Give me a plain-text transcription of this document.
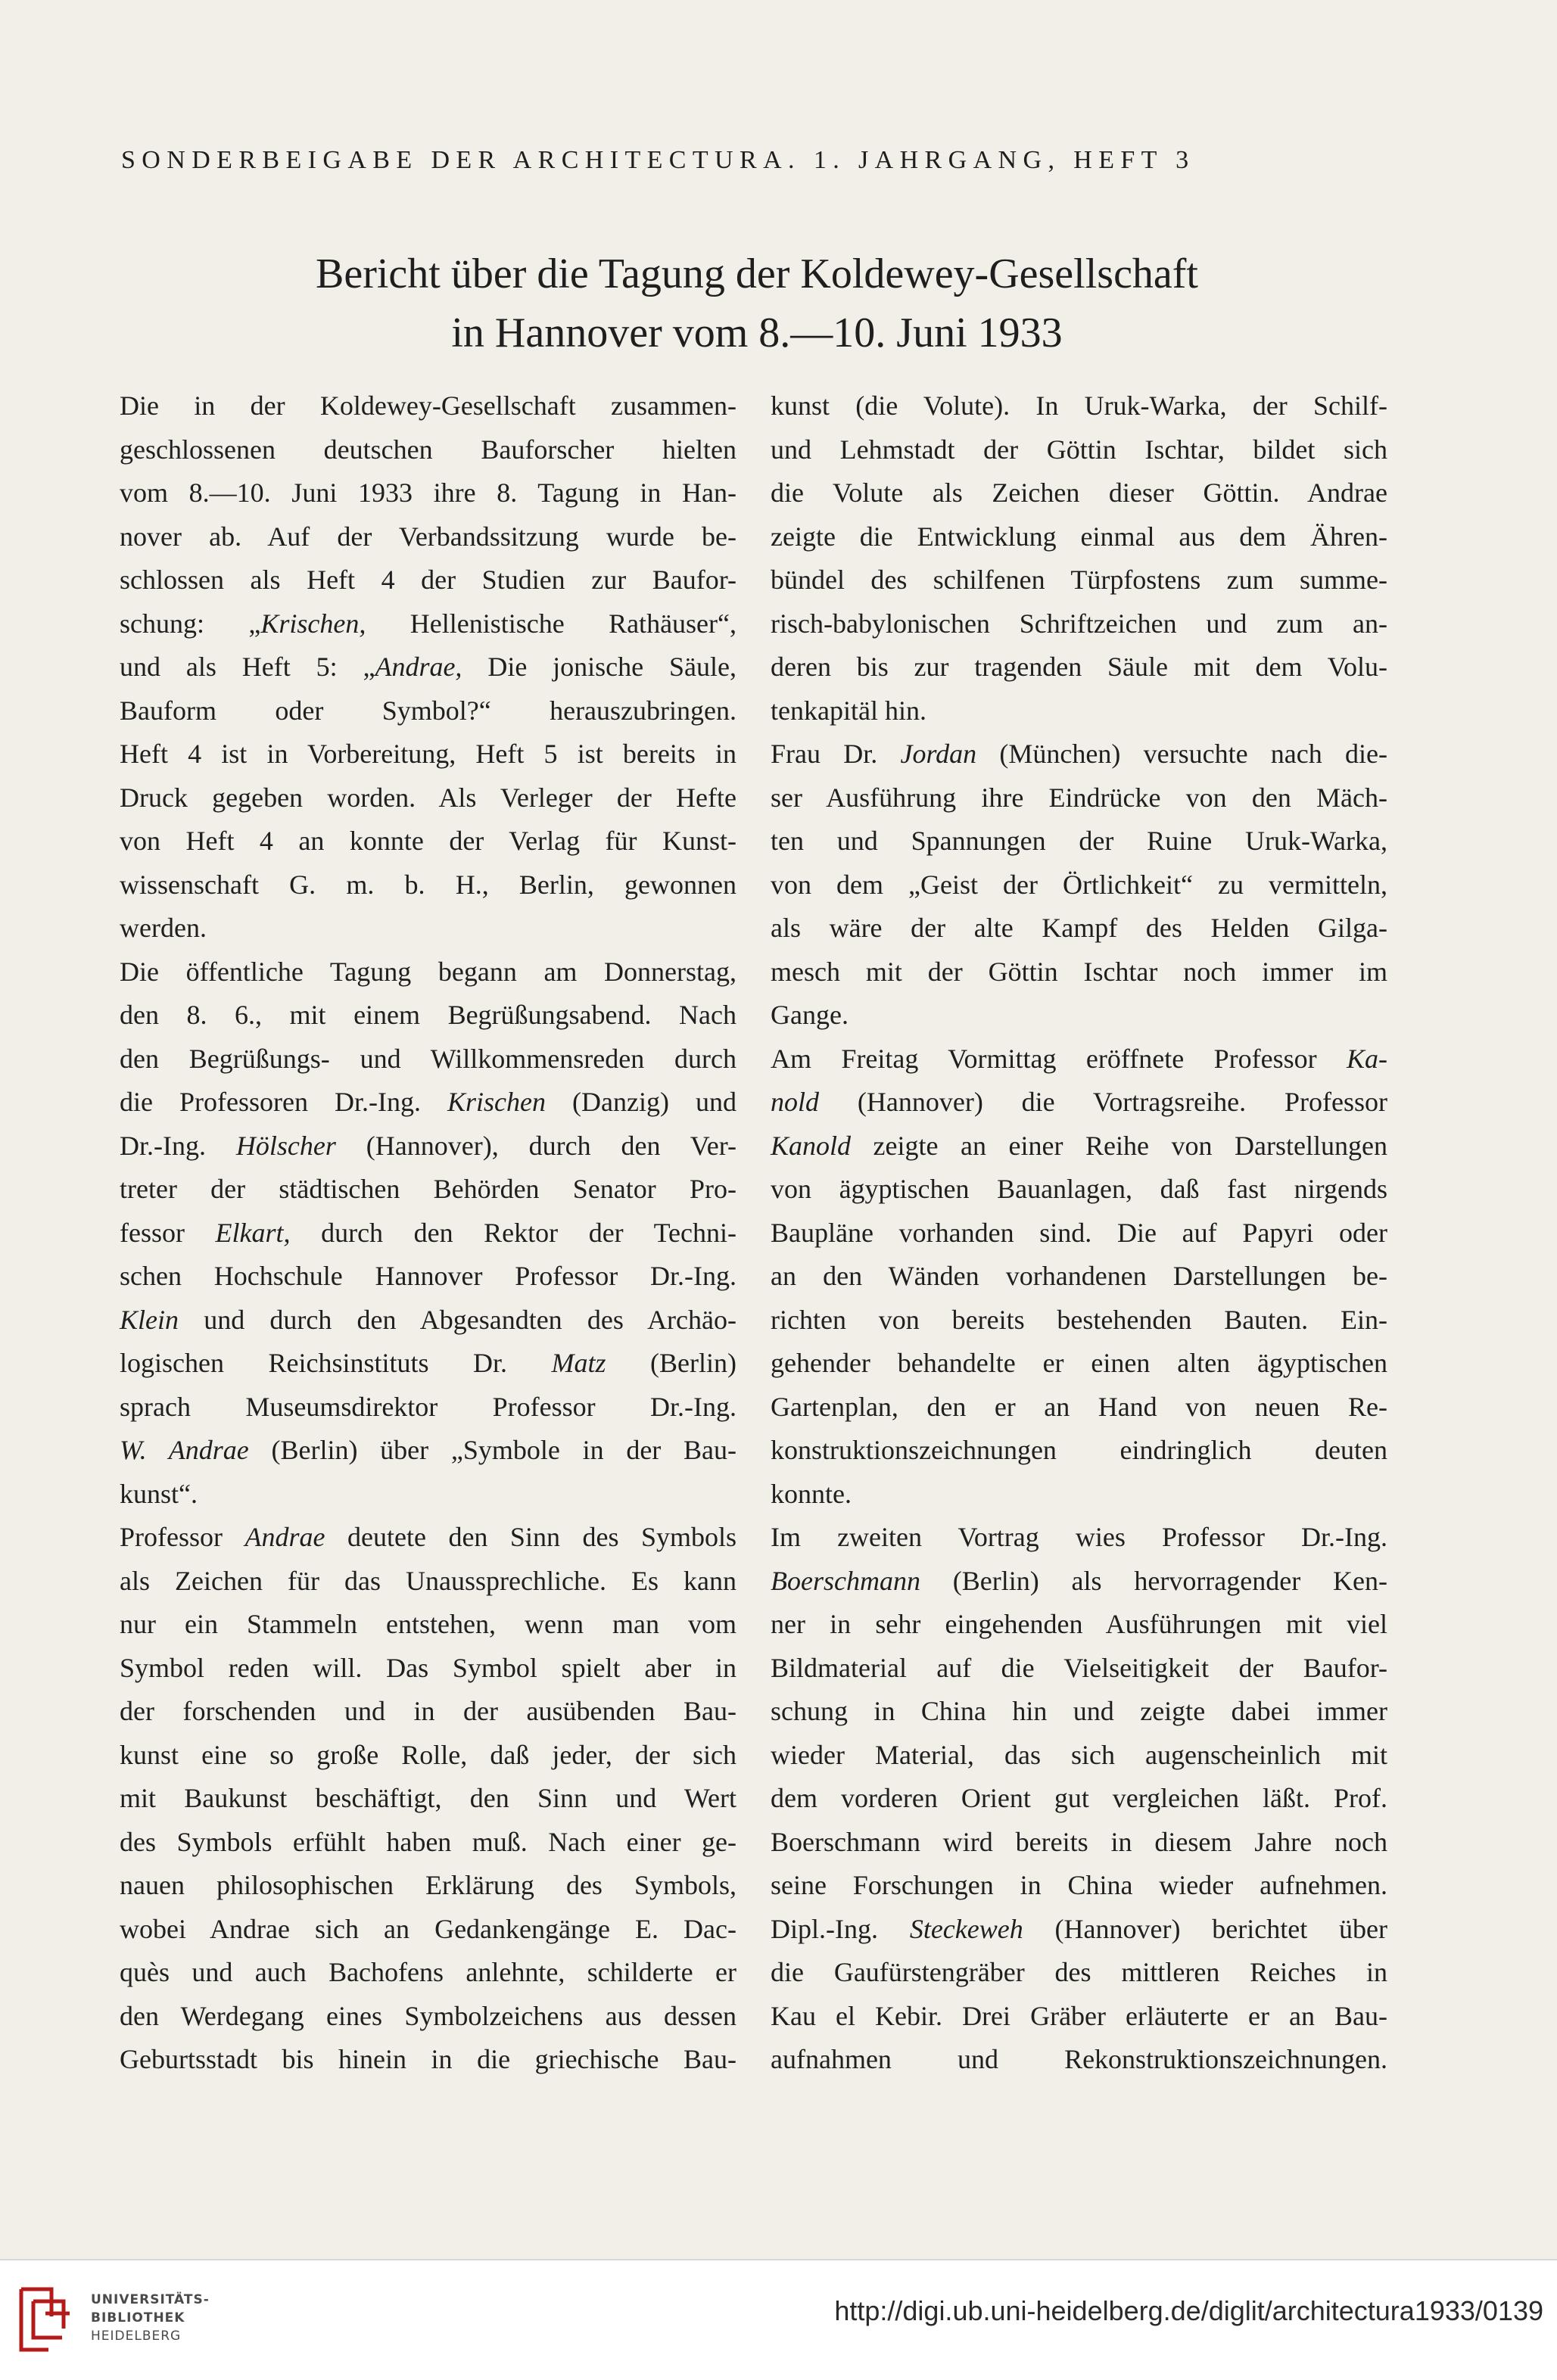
SONDERBEIGABE DER ARCHITECTURA. 1. JAHRGANG, HEFT 3
Bericht über die Tagung der Koldewey-Gesellschaft
in Hannover vom 8.—10. Juni 1933

Die in der Koldewey-Gesellschaft zusammen-
geschlossenen deutschen Bauforscher hielten
vom 8.—10. Juni 1933 ihre 8. Tagung in Han-
nover ab. Auf der Verbandssitzung wurde be-
schlossen als Heft 4 der Studien zur Baufor-
schung: „Krischen, Hellenistische Rathäuser“,
und als Heft 5: „Andrae, Die jonische Säule,
Bauform oder Symbol?“ herauszubringen.
Heft 4 ist in Vorbereitung, Heft 5 ist bereits in
Druck gegeben worden. Als Verleger der Hefte
von Heft 4 an konnte der Verlag für Kunst-
wissenschaft G. m. b. H., Berlin, gewonnen

werden.

Die öffentliche Tagung begann am Donnerstag,
den 8. 6., mit einem Begrüßungsabend. Nach
den Begrüßungs- und Willkommensreden durch
die Professoren Dr.-Ing. Krischen (Danzig) und
Dr.-Ing. Hölscher (Hannover), durch den Ver-
treter der städtischen Behörden Senator Pro-
fessor Elkart, durch den Rektor der Techni-
schen Hochschule Hannover Professor Dr.-Ing.
Klein und durch den Abgesandten des Archäo-
logischen Reichsinstituts Dr. Matz (Berlin)
sprach Museumsdirektor Professor Dr.-Ing.
W. Andrae (Berlin) über „Symbole in der Bau-

kunst“.

Professor Andrae deutete den Sinn des Symbols
als Zeichen für das Unaussprechliche. Es kann
nur ein Stammeln entstehen, wenn man vom
Symbol reden will. Das Symbol spielt aber in
der forschenden und in der ausübenden Bau-
kunst eine so große Rolle, daß jeder, der sich
mit Baukunst beschäftigt, den Sinn und Wert
des Symbols erfühlt haben muß. Nach einer ge-
nauen philosophischen Erklärung des Symbols,
wobei Andrae sich an Gedankengänge E. Dac-
quès und auch Bachofens anlehnte, schilderte er
den Werdegang eines Symbolzeichens aus dessen
Geburtsstadt bis hinein in die griechische Bau-

kunst (die Volute). In Uruk-Warka, der Schilf-
und Lehmstadt der Göttin Ischtar, bildet sich
die Volute als Zeichen dieser Göttin. Andrae
zeigte die Entwicklung einmal aus dem Ähren-
bündel des schilfenen Türpfostens zum summe-
risch-babylonischen Schriftzeichen und zum an-
deren bis zur tragenden Säule mit dem Volu-

tenkapitäl hin.

Frau Dr. Jordan (München) versuchte nach die-
ser Ausführung ihre Eindrücke von den Mäch-
ten und Spannungen der Ruine Uruk-Warka,
von dem „Geist der Örtlichkeit“ zu vermitteln,
als wäre der alte Kampf des Helden Gilga-
mesch mit der Göttin Ischtar noch immer im

Gange.

Am Freitag Vormittag eröffnete Professor Ka-
nold (Hannover) die Vortragsreihe. Professor
Kanold zeigte an einer Reihe von Darstellungen
von ägyptischen Bauanlagen, daß fast nirgends
Baupläne vorhanden sind. Die auf Papyri oder
an den Wänden vorhandenen Darstellungen be-
richten von bereits bestehenden Bauten. Ein-
gehender behandelte er einen alten ägyptischen
Gartenplan, den er an Hand von neuen Re-
konstruktionszeichnungen eindringlich deuten

konnte.

Im zweiten Vortrag wies Professor Dr.-Ing.
Boerschmann (Berlin) als hervorragender Ken-
ner in sehr eingehenden Ausführungen mit viel
Bildmaterial auf die Vielseitigkeit der Baufor-
schung in China hin und zeigte dabei immer
wieder Material, das sich augenscheinlich mit
dem vorderen Orient gut vergleichen läßt. Prof.
Boerschmann wird bereits in diesem Jahre noch
seine Forschungen in China wieder aufnehmen.

Dipl.-Ing. Steckeweh (Hannover) berichtet über
die Gaufürstengräber des mittleren Reiches in
Kau el Kebir. Drei Gräber erläuterte er an Bau-
aufnahmen und Rekonstruktionszeichnungen.

UNIVERSITÄTS-
BIBLIOTHEK
HEIDELBERG
http://digi.ub.uni-heidelberg.de/diglit/architectura1933/0139
